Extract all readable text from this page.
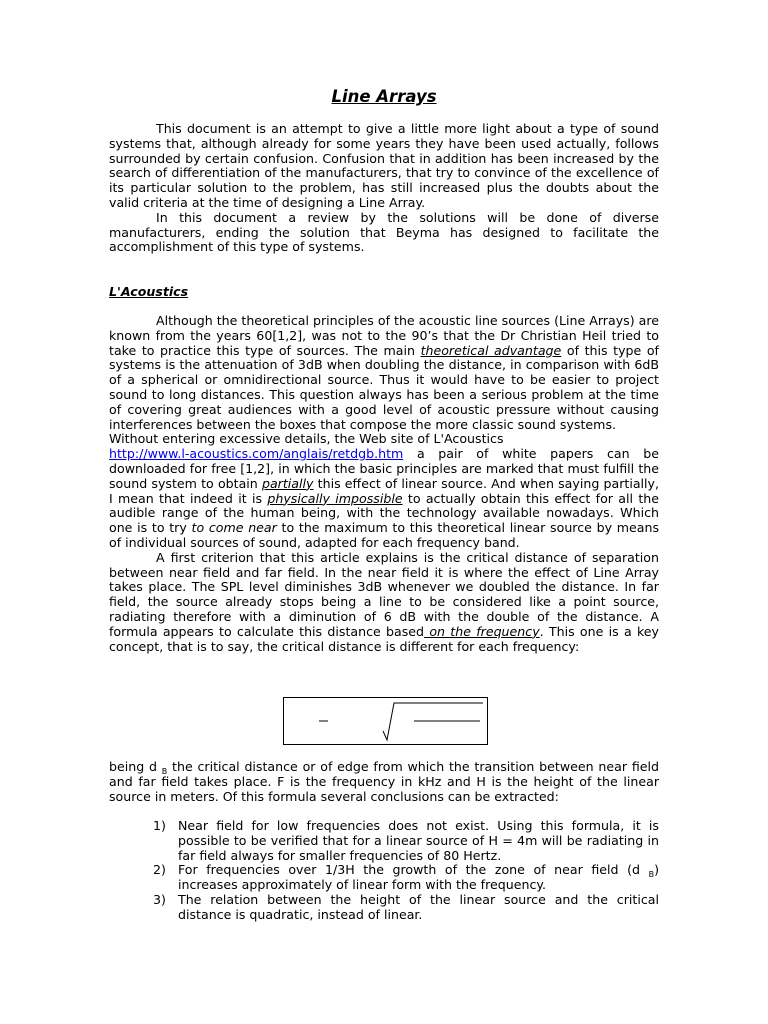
Line Arrays

This document is an attempt to give a little more light about a type of sound systems that, although already for some years they have been used actually, follows surrounded by certain confusion. Confusion that in addition has been increased by the search of differentiation of the manufacturers, that try to convince of the excellence of its particular solution to the problem, has still increased plus the doubts about the valid criteria at the time of designing a Line Array.

In this document a review by the solutions will be done of diverse manufacturers, ending the solution that Beyma has designed to facilitate the accomplishment of this type of systems.

L'Acoustics

Although the theoretical principles of the acoustic line sources (Line Arrays) are known from the years 60[1,2], was not to the 90’s that the Dr Christian Heil tried to take to practice this type of sources. The main theoretical advantage of this type of systems is the attenuation of 3dB when doubling the distance, in comparison with 6dB of a spherical or omnidirectional source. Thus it would have to be easier to project sound to long distances. This question always has been a serious problem at the time of covering great audiences with a good level of acoustic pressure without causing interferences between the boxes that compose the more classic sound systems.

Without entering excessive details, the Web site of L'Acoustics
http://www.l-acoustics.com/anglais/retdgb.htm a pair of white papers can be downloaded for free [1,2], in which the basic principles are marked that must fulfill the sound system to obtain partially this effect of linear source. And when saying partially, I mean that indeed it is physically impossible to actually obtain this effect for all the audible range of the human being, with the technology available nowadays. Which one is to try to come near to the maximum to this theoretical linear source by means of individual sources of sound, adapted for each frequency band.

A first criterion that this article explains is the critical distance of separation between near field and far field. In the near field it is where the effect of Line Array takes place. The SPL level diminishes 3dB whenever we doubled the distance. In far field, the source already stops being a line to be considered like a point source, radiating therefore with a diminution of 6 dB with the double of the distance. A formula appears to calculate this distance based on the frequency. This one is a key concept, that is to say, the critical distance is different for each frequency:

being d $_B$ the critical distance or of edge from which the transition between near field and far field takes place. F is the frequency in kHz and H is the height of the linear source in meters. Of this formula several conclusions can be extracted:

1) Near field for low frequencies does not exist. Using this formula, it is possible to be verified that for a linear source of H = 4m will be radiating in far field always for smaller frequencies of 80 Hertz.
2) For frequencies over 1/3H the growth of the zone of near field (d $_B$) increases approximately of linear form with the frequency.
3) The relation between the height of the linear source and the critical distance is quadratic, instead of linear.
